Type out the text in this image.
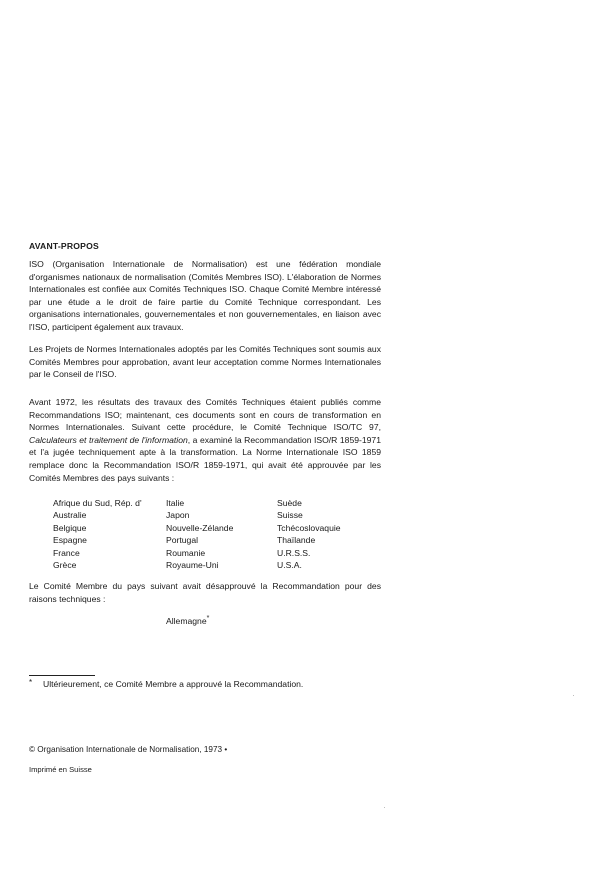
AVANT-PROPOS
ISO (Organisation Internationale de Normalisation) est une fédération mondiale d'organismes nationaux de normalisation (Comités Membres ISO). L'élaboration de Normes Internationales est confiée aux Comités Techniques ISO. Chaque Comité Membre intéressé par une étude a le droit de faire partie du Comité Technique correspondant. Les organisations internationales, gouvernementales et non gouvernementales, en liaison avec l'ISO, participent également aux travaux.
Les Projets de Normes Internationales adoptés par les Comités Techniques sont soumis aux Comités Membres pour approbation, avant leur acceptation comme Normes Internationales par le Conseil de l'ISO.
Avant 1972, les résultats des travaux des Comités Techniques étaient publiés comme Recommandations ISO; maintenant, ces documents sont en cours de transformation en Normes Internationales. Suivant cette procédure, le Comité Technique ISO/TC 97, Calculateurs et traitement de l'information, a examiné la Recommandation ISO/R 1859-1971 et l'a jugée techniquement apte à la transformation. La Norme Internationale ISO 1859 remplace donc la Recommandation ISO/R 1859-1971, qui avait été approuvée par les Comités Membres des pays suivants :
Afrique du Sud, Rép. d'
Australie
Belgique
Espagne
France
Grèce
Italie
Japon
Nouvelle-Zélande
Portugal
Roumanie
Royaume-Uni
Suède
Suisse
Tchécoslovaquie
Thaïlande
U.R.S.S.
U.S.A.
Le Comité Membre du pays suivant avait désapprouvé la Recommandation pour des raisons techniques :
Allemagne*
* Ultérieurement, ce Comité Membre a approuvé la Recommandation.
© Organisation Internationale de Normalisation, 1973 •
Imprimé en Suisse
